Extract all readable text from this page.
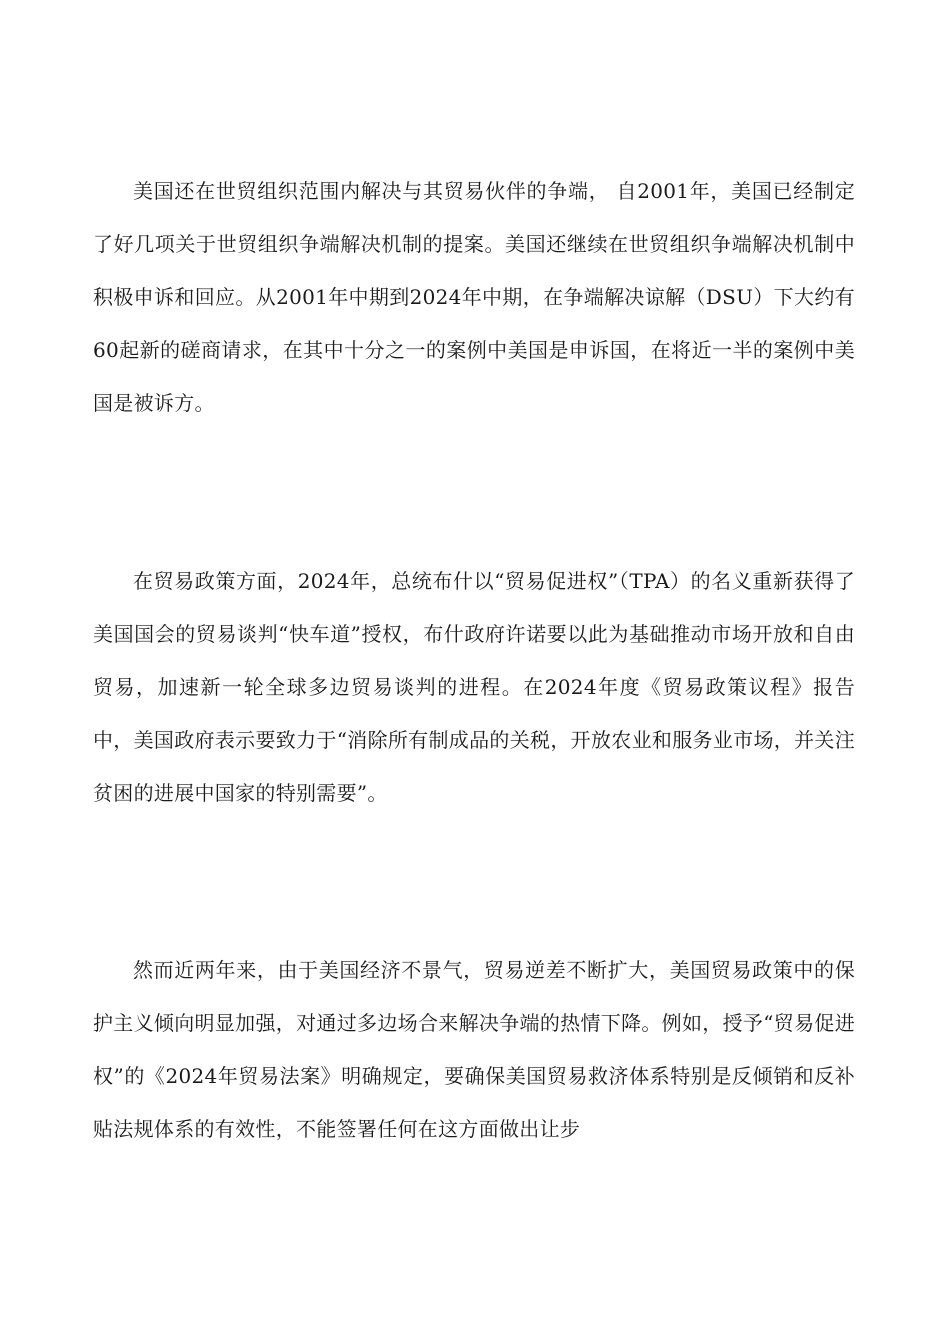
美国还在世贸组织范围内解决与其贸易伙伴的争端， 自2001年，美国已经制定了好几项关于世贸组织争端解决机制的提案。美国还继续在世贸组织争端解决机制中积极申诉和回应。从2001年中期到2024年中期，在争端解决谅解（DSU）下大约有60起新的磋商请求，在其中十分之一的案例中美国是申诉国，在将近一半的案例中美国是被诉方。

在贸易政策方面，2024年，总统布什以“贸易促进权”（TPA）的名义重新获得了美国国会的贸易谈判“快车道”授权，布什政府许诺要以此为基础推动市场开放和自由贸易，加速新一轮全球多边贸易谈判的进程。在2024年度《贸易政策议程》报告中，美国政府表示要致力于“消除所有制成品的关税，开放农业和服务业市场，并关注贫困的进展中国家的特别需要”。

然而近两年来，由于美国经济不景气，贸易逆差不断扩大，美国贸易政策中的保护主义倾向明显加强，对通过多边场合来解决争端的热情下降。例如，授予“贸易促进权”的《2024年贸易法案》明确规定，要确保美国贸易救济体系特别是反倾销和反补贴法规体系的有效性，不能签署任何在这方面做出让步
